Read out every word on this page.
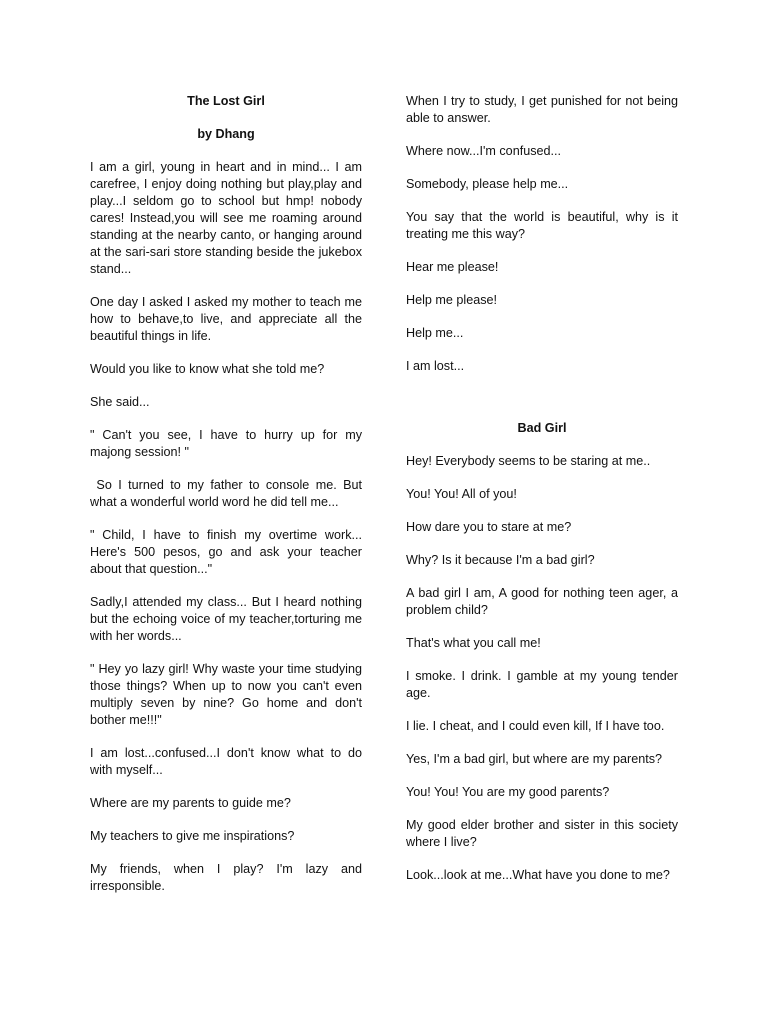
The Lost Girl
by Dhang
I am a girl, young in heart and in mind... I am carefree, I enjoy doing nothing but play,play and play...I seldom go to school but hmp! nobody cares! Instead,you will see me roaming around standing at the nearby canto, or hanging around at the sari-sari store standing beside the jukebox stand...
One day I asked I asked my mother to teach me how to behave,to live, and appreciate all the beautiful things in life.
Would you like to know what she told me?
She said...
" Can't you see, I have to hurry up for my majong session! "
So I turned to my father to console me. But what a wonderful world word he did tell me...
" Child, I have to finish my overtime work... Here's 500 pesos, go and ask your teacher about that question..."
Sadly,I attended my class... But I heard nothing but the echoing voice of my teacher,torturing me with her words...
" Hey yo lazy girl! Why waste your time studying those things? When up to now you can't even multiply seven by nine? Go home and don't bother me!!!"
I am lost...confused...I don't know what to do with myself...
Where are my parents to guide me?
My teachers to give me inspirations?
My friends, when I play? I'm lazy and irresponsible.
When I try to study, I get punished for not being able to answer.
Where now...I'm confused...
Somebody, please help me...
You say that the world is beautiful, why is it treating me this way?
Hear me please!
Help me please!
Help me...
I am lost...
Bad Girl
Hey! Everybody seems to be staring at me..
You! You! All of you!
How dare you to stare at me?
Why? Is it because I'm a bad girl?
A bad girl I am, A good for nothing teen ager, a problem child?
That's what you call me!
I smoke. I drink. I gamble at my young tender age.
I lie. I cheat, and I could even kill, If I have too.
Yes, I'm a bad girl, but where are my parents?
You! You! You are my good parents?
My good elder brother and sister in this society where I live?
Look...look at me...What have you done to me?
